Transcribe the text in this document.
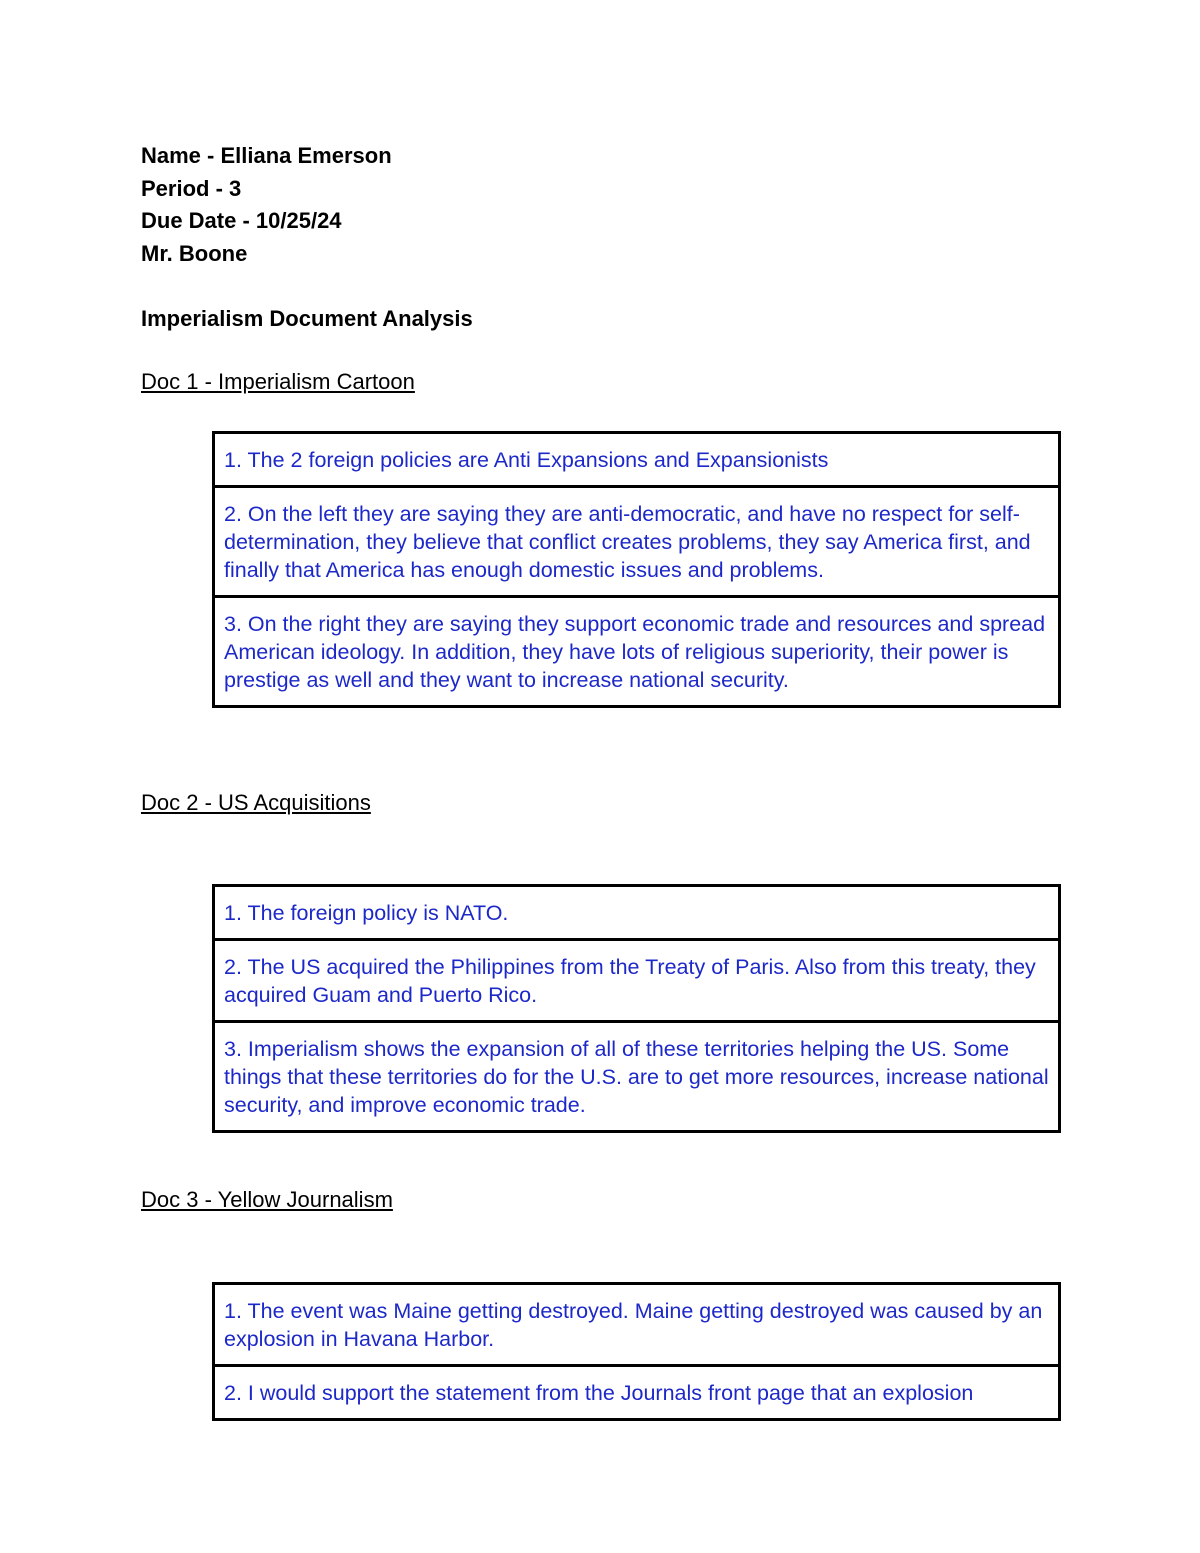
Name - Elliana Emerson
Period - 3
Due Date - 10/25/24
Mr. Boone
Imperialism Document Analysis
Doc 1 - Imperialism Cartoon
1. The 2 foreign policies are Anti Expansions and Expansionists
2. On the left they are saying they are anti-democratic, and have no respect for self-determination, they believe that conflict creates problems, they say America first, and finally that America has enough domestic issues and problems.
3. On the right they are saying they support economic trade and resources and spread American ideology. In addition, they have lots of religious superiority, their power is prestige as well and they want to increase national security.
Doc 2 - US Acquisitions
1. The foreign policy is NATO.
2. The US acquired the Philippines from the Treaty of Paris. Also from this treaty, they acquired Guam and Puerto Rico.
3. Imperialism shows the expansion of all of these territories helping the US. Some things that these territories do for the U.S. are to get more resources, increase national security, and improve economic trade.
Doc 3 - Yellow Journalism
1. The event was Maine getting destroyed. Maine getting destroyed was caused by an explosion in Havana Harbor.
2. I would support the statement from the Journals front page that an explosion
